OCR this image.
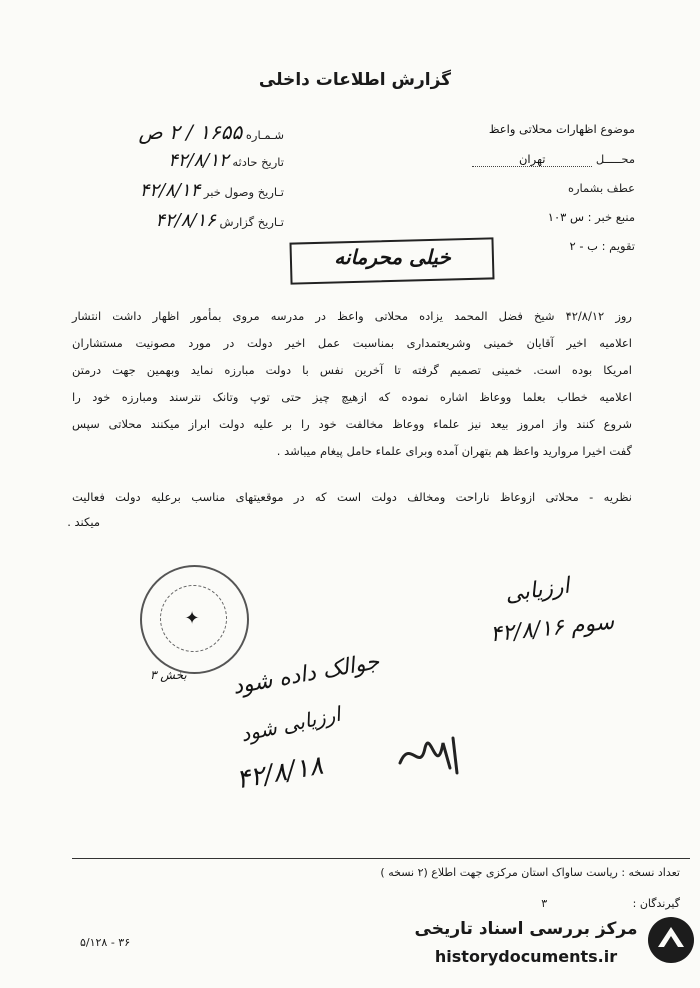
گزارش اطلاعات داخلی
موضوع اظهارات محلاتی واعظ
محـــــل تهران
عطف بشماره
منبع خبر : س ۱۰۳
تقویم : ب - ۲
شـمـاره ۱۶۵۵ / ۲ ص
تاریخ حادثه ۴۲/۸/۱۲
تـاریخ وصول خبر ۴۲/۸/۱۴
تـاریخ گزارش ۴۲/۸/۱۶
خیلی محرمانه
روز ۴۲/۸/۱۲ شیخ فضل المحمد یزاده محلاتی واعظ در مدرسه مروی بمأمور اظهار داشت انتشار
اعلامیه اخیر آقایان خمینی وشریعتمداری بمناسبت عمل اخیر دولت در مورد مصونیت مستشاران
امریکا بوده است. خمینی تصمیم گرفته تا آخرین نفس با دولت مبارزه نماید وبهمین جهت درمتن
اعلامیه خطاب بعلما ووعاظ اشاره نموده که ازهیچ چیز حتی توپ وتانک نترسند ومبارزه خود را
شروع کنند واز امروز بیعد نیز علماء ووعاظ مخالفت خود را بر علیه دولت ابراز میکنند محلاتی سپس
گفت اخیرا مروارید واعظ هم بتهران آمده وبرای علماء حامل پیغام میباشد .
نظریه - محلاتی ازوعاظ ناراحت ومخالف دولت است که در موقعیتهای مناسب برعلیه دولت فعالیت
میکند .
✦
بخش ۳
ارزیابی
۴۲/۸/۱۶ سوم
جوالک داده شود
ارزیابی شود
۴۲/۸/۱۸
تعداد نسخه : ریاست ساواک استان مرکزی جهت اطلاع (۲ نسخه )
گیرندگان : ۳
۵/۱۲۸ - ۳۶
مرکز بررسی اسناد تاریخی
historydocuments.ir
